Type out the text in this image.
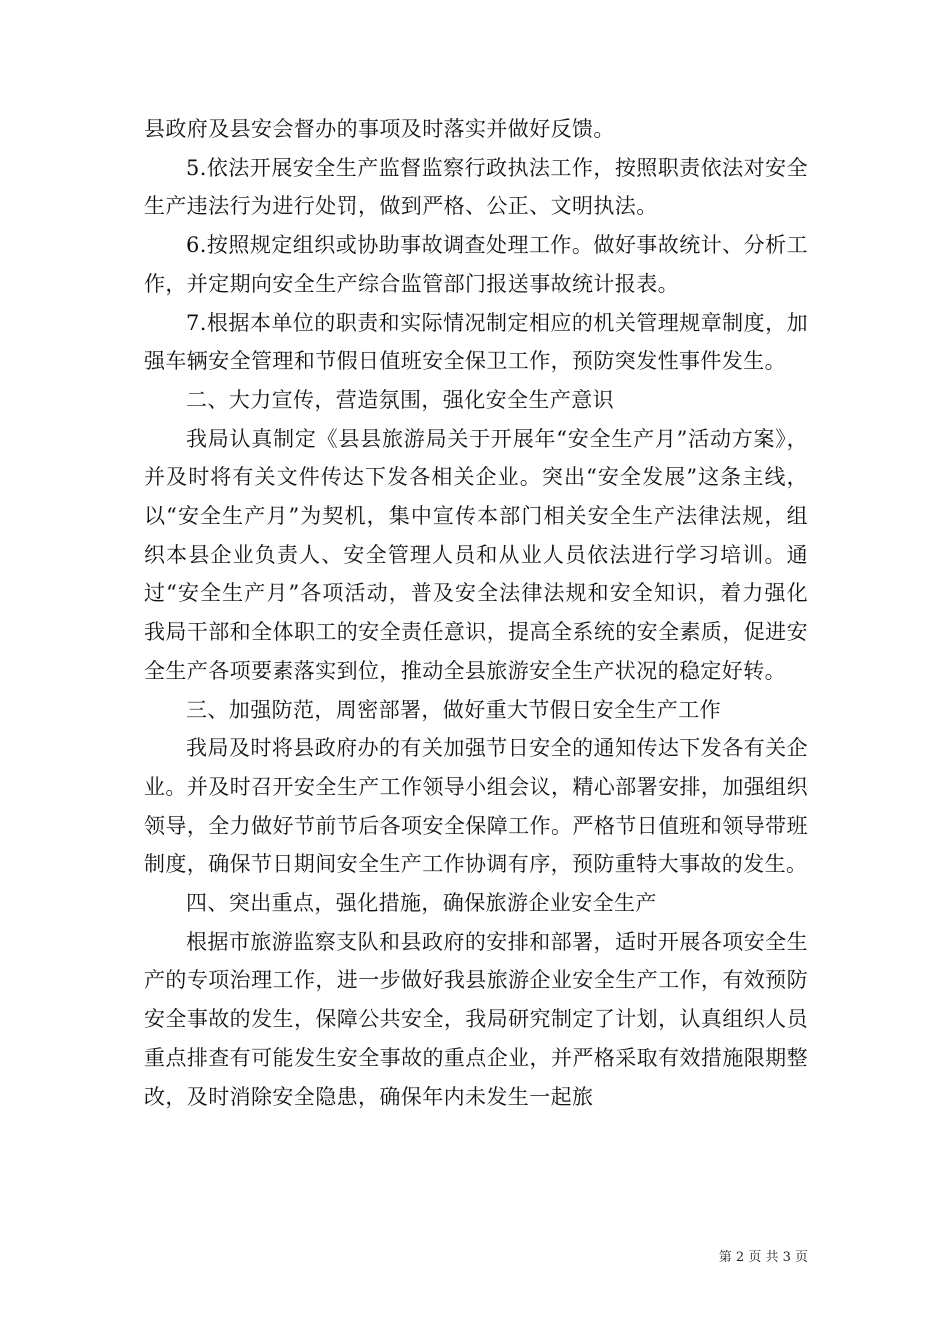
县政府及县安会督办的事项及时落实并做好反馈。

5.依法开展安全生产监督监察行政执法工作，按照职责依法对安全生产违法行为进行处罚，做到严格、公正、文明执法。

6.按照规定组织或协助事故调查处理工作。做好事故统计、分析工作，并定期向安全生产综合监管部门报送事故统计报表。

7.根据本单位的职责和实际情况制定相应的机关管理规章制度，加强车辆安全管理和节假日值班安全保卫工作，预防突发性事件发生。

二、大力宣传，营造氛围，强化安全生产意识

我局认真制定《县县旅游局关于开展年“安全生产月”活动方案》，并及时将有关文件传达下发各相关企业。突出“安全发展”这条主线，以“安全生产月”为契机，集中宣传本部门相关安全生产法律法规，组织本县企业负责人、安全管理人员和从业人员依法进行学习培训。通过“安全生产月”各项活动，普及安全法律法规和安全知识，着力强化我局干部和全体职工的安全责任意识，提高全系统的安全素质，促进安全生产各项要素落实到位，推动全县旅游安全生产状况的稳定好转。

三、加强防范，周密部署，做好重大节假日安全生产工作

我局及时将县政府办的有关加强节日安全的通知传达下发各有关企业。并及时召开安全生产工作领导小组会议，精心部署安排，加强组织领导，全力做好节前节后各项安全保障工作。严格节日值班和领导带班制度，确保节日期间安全生产工作协调有序，预防重特大事故的发生。

四、突出重点，强化措施，确保旅游企业安全生产

根据市旅游监察支队和县政府的安排和部署，适时开展各项安全生产的专项治理工作，进一步做好我县旅游企业安全生产工作，有效预防安全事故的发生，保障公共安全，我局研究制定了计划，认真组织人员重点排查有可能发生安全事故的重点企业，并严格采取有效措施限期整改，及时消除安全隐患，确保年内未发生一起旅

第 2 页 共 3 页
